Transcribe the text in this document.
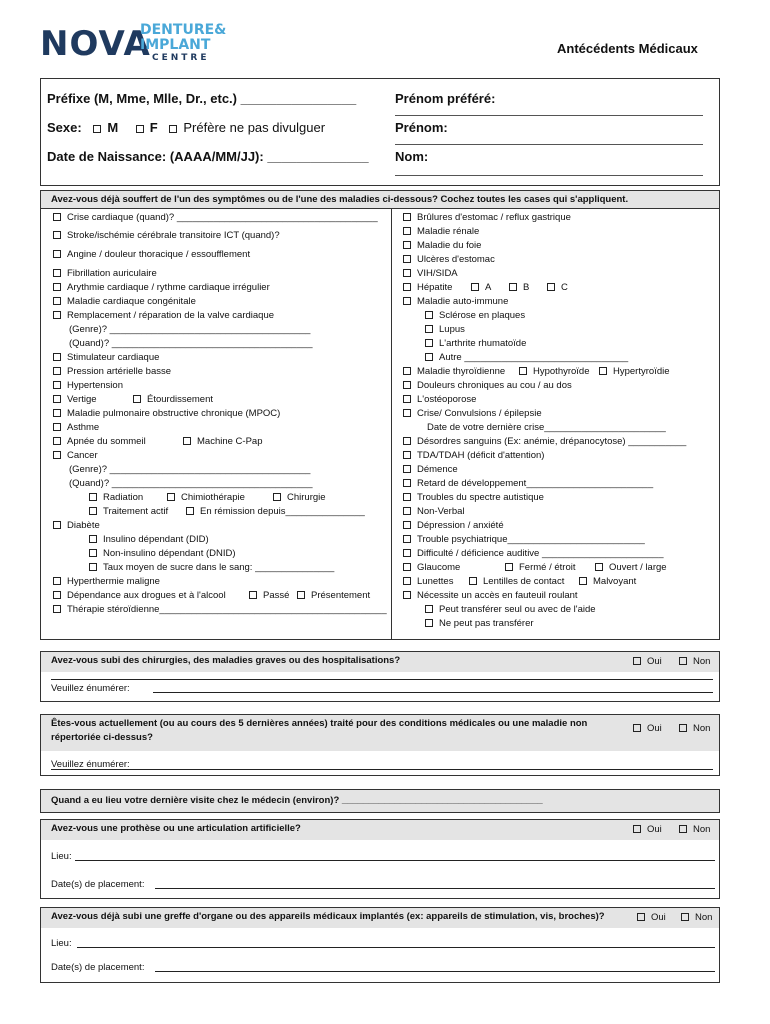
NOVA
DENTURE&
IMPLANT
CENTRE
Antécédents Médicaux
Préfixe (M, Mme, Mlle, Dr., etc.) ________________
Sexe: M F Préfère ne pas divulguer
Date de Naissance: (AAAA/MM/JJ): ______________
Prénom préféré:
Prénom:
Nom:
Avez-vous déjà souffert de l'un des symptômes ou de l'une des maladies ci-dessous? Cochez toutes les cases qui s'appliquent.
Crise cardiaque (quand)? ______________________________________
Stroke/ischémie cérébrale transitoire ICT (quand)?
Angine / douleur thoracique / essoufflement
Fibrillation auriculaire
Arythmie cardiaque / rythme cardiaque irrégulier
Maladie cardiaque congénitale
Remplacement / réparation de la valve cardiaque
(Genre)? ______________________________________
(Quand)? ______________________________________
Stimulateur cardiaque
Pression artérielle basse
Hypertension
Vertige	Étourdissement
Maladie pulmonaire obstructive chronique (MPOC)
Asthme
Apnée du sommeil	Machine C-Pap
Cancer
(Genre)? ______________________________________
(Quand)? ______________________________________
Radiation	Chimiothérapie	Chirurgie
Traitement actif	En rémission depuis_______________
Diabète
Insulino dépendant (DID)
Non-insulino dépendant (DNID)
Taux moyen de sucre dans le sang: _______________
Hyperthermie maligne
Dépendance aux drogues et à l'alcool	Passé	Présentement
Thérapie stéroïdienne___________________________________________
Brûlures d'estomac / reflux gastrique
Maladie rénale
Maladie du foie
Ulcères d'estomac
VIH/SIDA
Hépatite	A	B	C
Maladie auto-immune
Sclérose en plaques
Lupus
L'arthrite rhumatoïde
Autre _______________________________
Maladie thyroïdienne	Hypothyroïde	Hypertyroïdie
Douleurs chroniques au cou / au dos
L'ostéoporose
Crise/ Convulsions / épilepsie
Date de votre dernière crise_______________________
Désordres sanguins (Ex: anémie, drépanocytose) ___________
TDA/TDAH (déficit d'attention)
Démence
Retard de développement________________________
Troubles du spectre autistique
Non-Verbal
Dépression / anxiété
Trouble psychiatrique__________________________
Difficulté / déficience auditive _______________________
Glaucome	Fermé / étroit	Ouvert / large
Lunettes	Lentilles de contact	Malvoyant
Nécessite un accès en fauteuil roulant
Peut transférer seul ou avec de l'aide
Ne peut pas transférer
Avez-vous subi des chirurgies, des maladies graves ou des hospitalisations?	Oui	Non
Veuillez énumérer:
Êtes-vous actuellement (ou au cours des 5 dernières années) traité pour des conditions médicales ou une maladie non
répertoriée ci-dessus?
Oui	Non
Veuillez énumérer:
Quand a eu lieu votre dernière visite chez le médecin (environ)? ______________________________________
Avez-vous une prothèse ou une articulation artificielle?	Oui	Non
Lieu:
Date(s) de placement:
Avez-vous déjà subi une greffe d'organe ou des appareils médicaux implantés (ex: appareils de stimulation, vis, broches)?	Oui	Non
Lieu:
Date(s) de placement:
